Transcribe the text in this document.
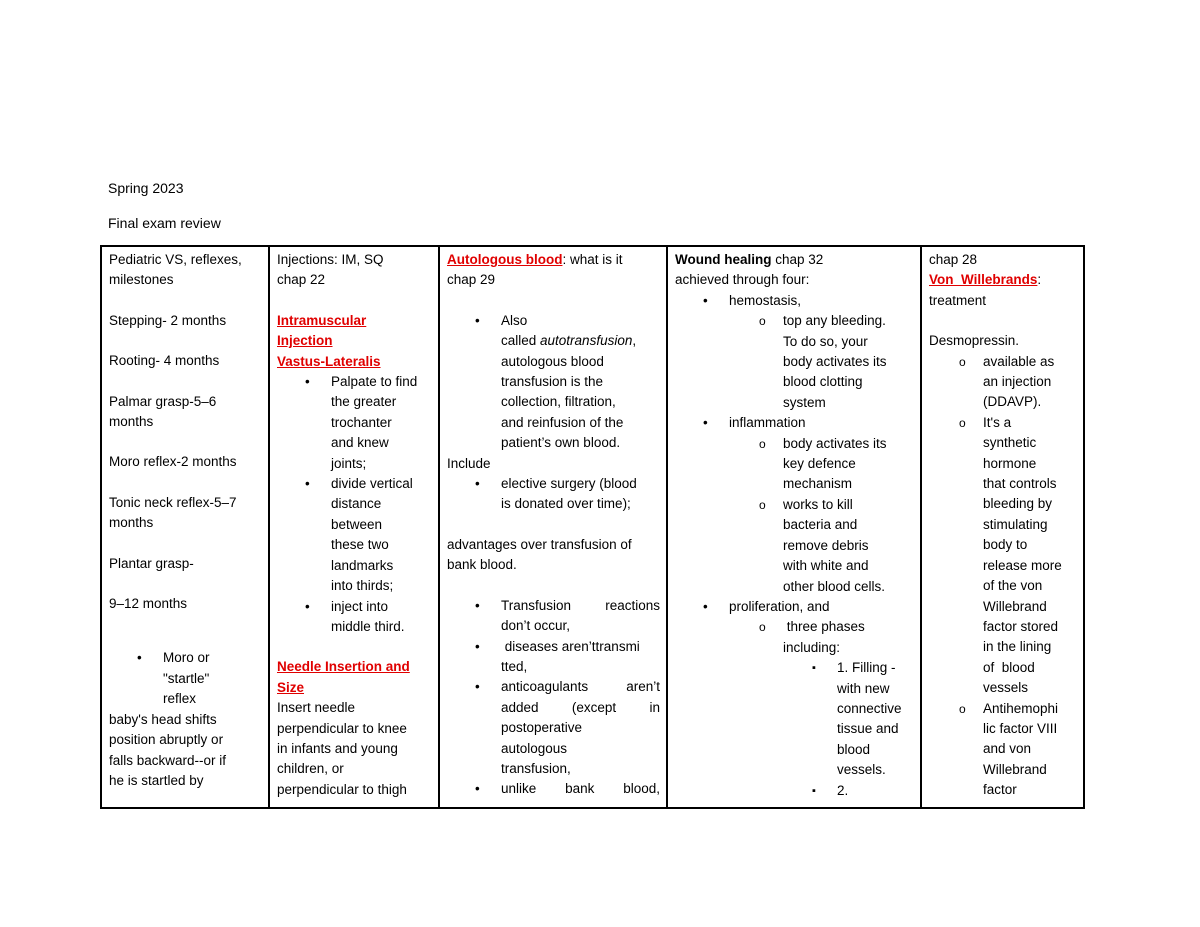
Spring 2023
Final exam review
Pediatric VS, reflexes,
milestones
Stepping- 2 months
Rooting- 4 months
Palmar grasp-5–6
months
Moro reflex-2 months
Tonic neck reflex-5–7
months
Plantar grasp-
9–12 months
• Moro or
"startle"
reflex
baby's head shifts
position abruptly or
falls backward--or if
he is startled by

Injections: IM, SQ
chap 22
Intramuscular
Injection
Vastus-Lateralis
• Palpate to find
the greater
trochanter
and knew
joints;
• divide vertical
distance
between
these two
landmarks
into thirds;
• inject into
middle third.
Needle Insertion and
Size
Insert needle
perpendicular to knee
in infants and young
children, or
perpendicular to thigh

Autologous blood: what is it
chap 29
• Also
called autotransfusion,
autologous blood
transfusion is the
collection, filtration,
and reinfusion of the
patient’s own blood.
Include
• elective surgery (blood
is donated over time);
advantages over transfusion of
bank blood.
• Transfusion reactions
don’t occur,
•  diseases aren’ttransmi
tted,
• anticoagulants aren’t
added (except in
postoperative
autologous
transfusion,
• unlike bank blood,

Wound healing chap 32
achieved through four:
• hemostasis,
o top any bleeding.
To do so, your
body activates its
blood clotting
system
• inflammation
o body activates its
key defence
mechanism
o works to kill
bacteria and
remove debris
with white and
other blood cells.
• proliferation, and
o  three phases
including:
▪ 1. Filling -
with new
connective
tissue and
blood
vessels.
▪ 2.

chap 28
Von  Willebrands:
treatment
Desmopressin.
o available as
an injection
(DDAVP).
o It's a
synthetic
hormone
that controls
bleeding by
stimulating
body to
release more
of the von
Willebrand
factor stored
in the lining
of  blood
vessels
o Antihemophi
lic factor VIII
and von
Willebrand
factor
